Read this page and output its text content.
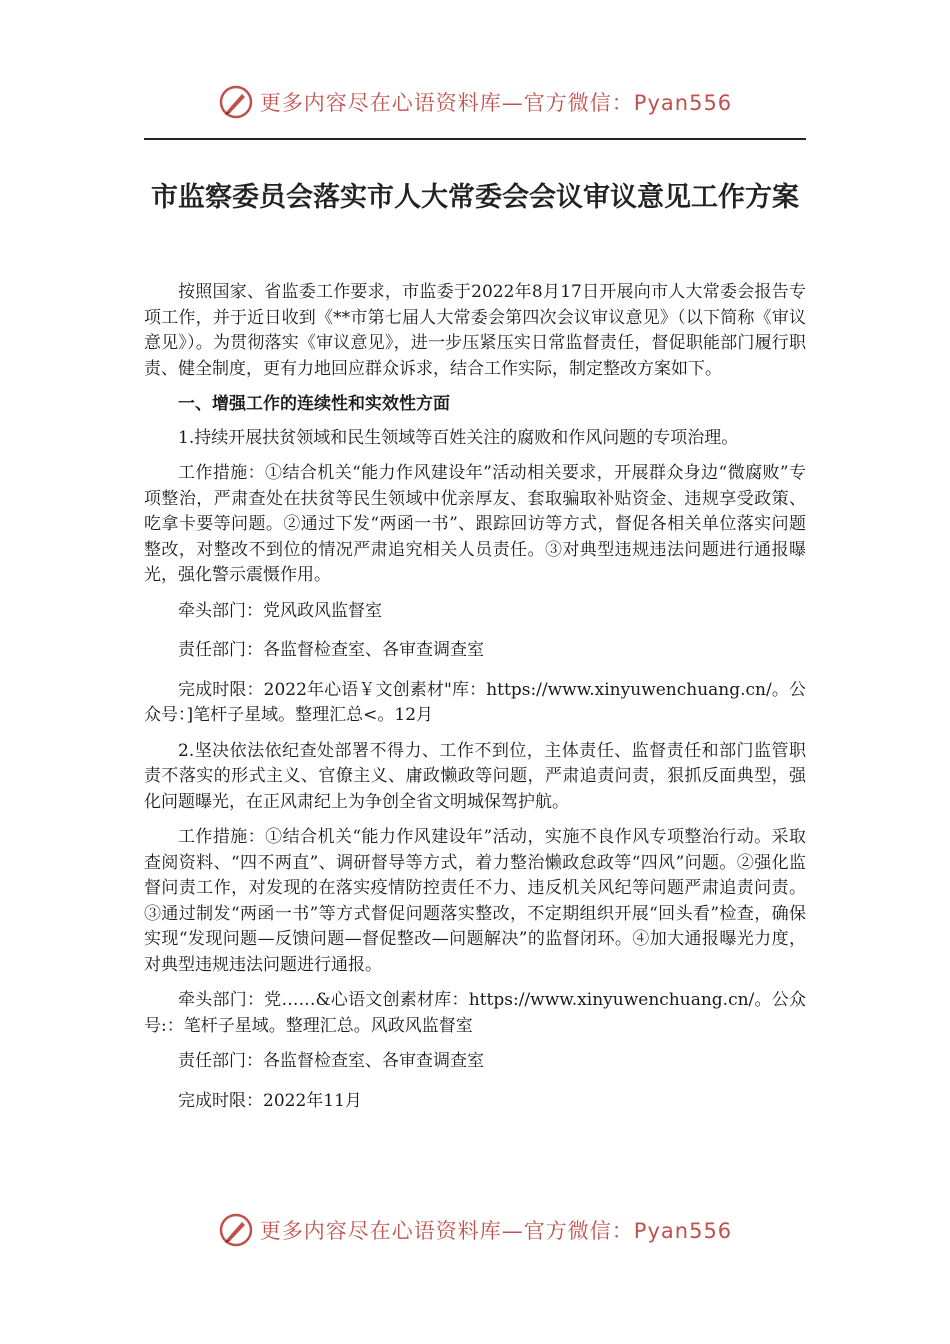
更多内容尽在心语资料库—官方微信：Pyan556
市监察委员会落实市人大常委会会议审议意见工作方案

按照国家、省监委工作要求，市监委于2022年8月17日开展向市人大常委会报告专项工作，并于近日收到《**市第七届人大常委会第四次会议审议意见》（以下简称《审议意见》）。为贯彻落实《审议意见》，进一步压紧压实日常监督责任，督促职能部门履行职责、健全制度，更有力地回应群众诉求，结合工作实际，制定整改方案如下。

一、增强工作的连续性和实效性方面

1.持续开展扶贫领域和民生领域等百姓关注的腐败和作风问题的专项治理。

工作措施：①结合机关“能力作风建设年”活动相关要求，开展群众身边“微腐败”专项整治，严肃查处在扶贫等民生领域中优亲厚友、套取骗取补贴资金、违规享受政策、吃拿卡要等问题。②通过下发“两函一书”、跟踪回访等方式，督促各相关单位落实问题整改，对整改不到位的情况严肃追究相关人员责任。③对典型违规违法问题进行通报曝光，强化警示震慑作用。

牵头部门：党风政风监督室

责任部门：各监督检查室、各审查调查室

完成时限：2022年心语￥文创素材"库：https://www.xinyuwenchuang.cn/。公众号：]笔杆子星域。整理汇总<。12月

2.坚决依法依纪查处部署不得力、工作不到位，主体责任、监督责任和部门监管职责不落实的形式主义、官僚主义、庸政懒政等问题，严肃追责问责，狠抓反面典型，强化问题曝光，在正风肃纪上为争创全省文明城保驾护航。

工作措施：①结合机关“能力作风建设年”活动，实施不良作风专项整治行动。采取查阅资料、“四不两直”、调研督导等方式，着力整治懒政怠政等“四风”问题。②强化监督问责工作，对发现的在落实疫情防控责任不力、违反机关风纪等问题严肃追责问责。③通过制发“两函一书”等方式督促问题落实整改，不定期组织开展“回头看”检查，确保实现“发现问题—反馈问题—督促整改—问题解决”的监督闭环。④加大通报曝光力度，对典型违规违法问题进行通报。

牵头部门：党……&心语文创素材库：https://www.xinyuwenchuang.cn/。公众号:：笔杆子星域。整理汇总。风政风监督室

责任部门：各监督检查室、各审查调查室

完成时限：2022年11月

更多内容尽在心语资料库—官方微信：Pyan556
